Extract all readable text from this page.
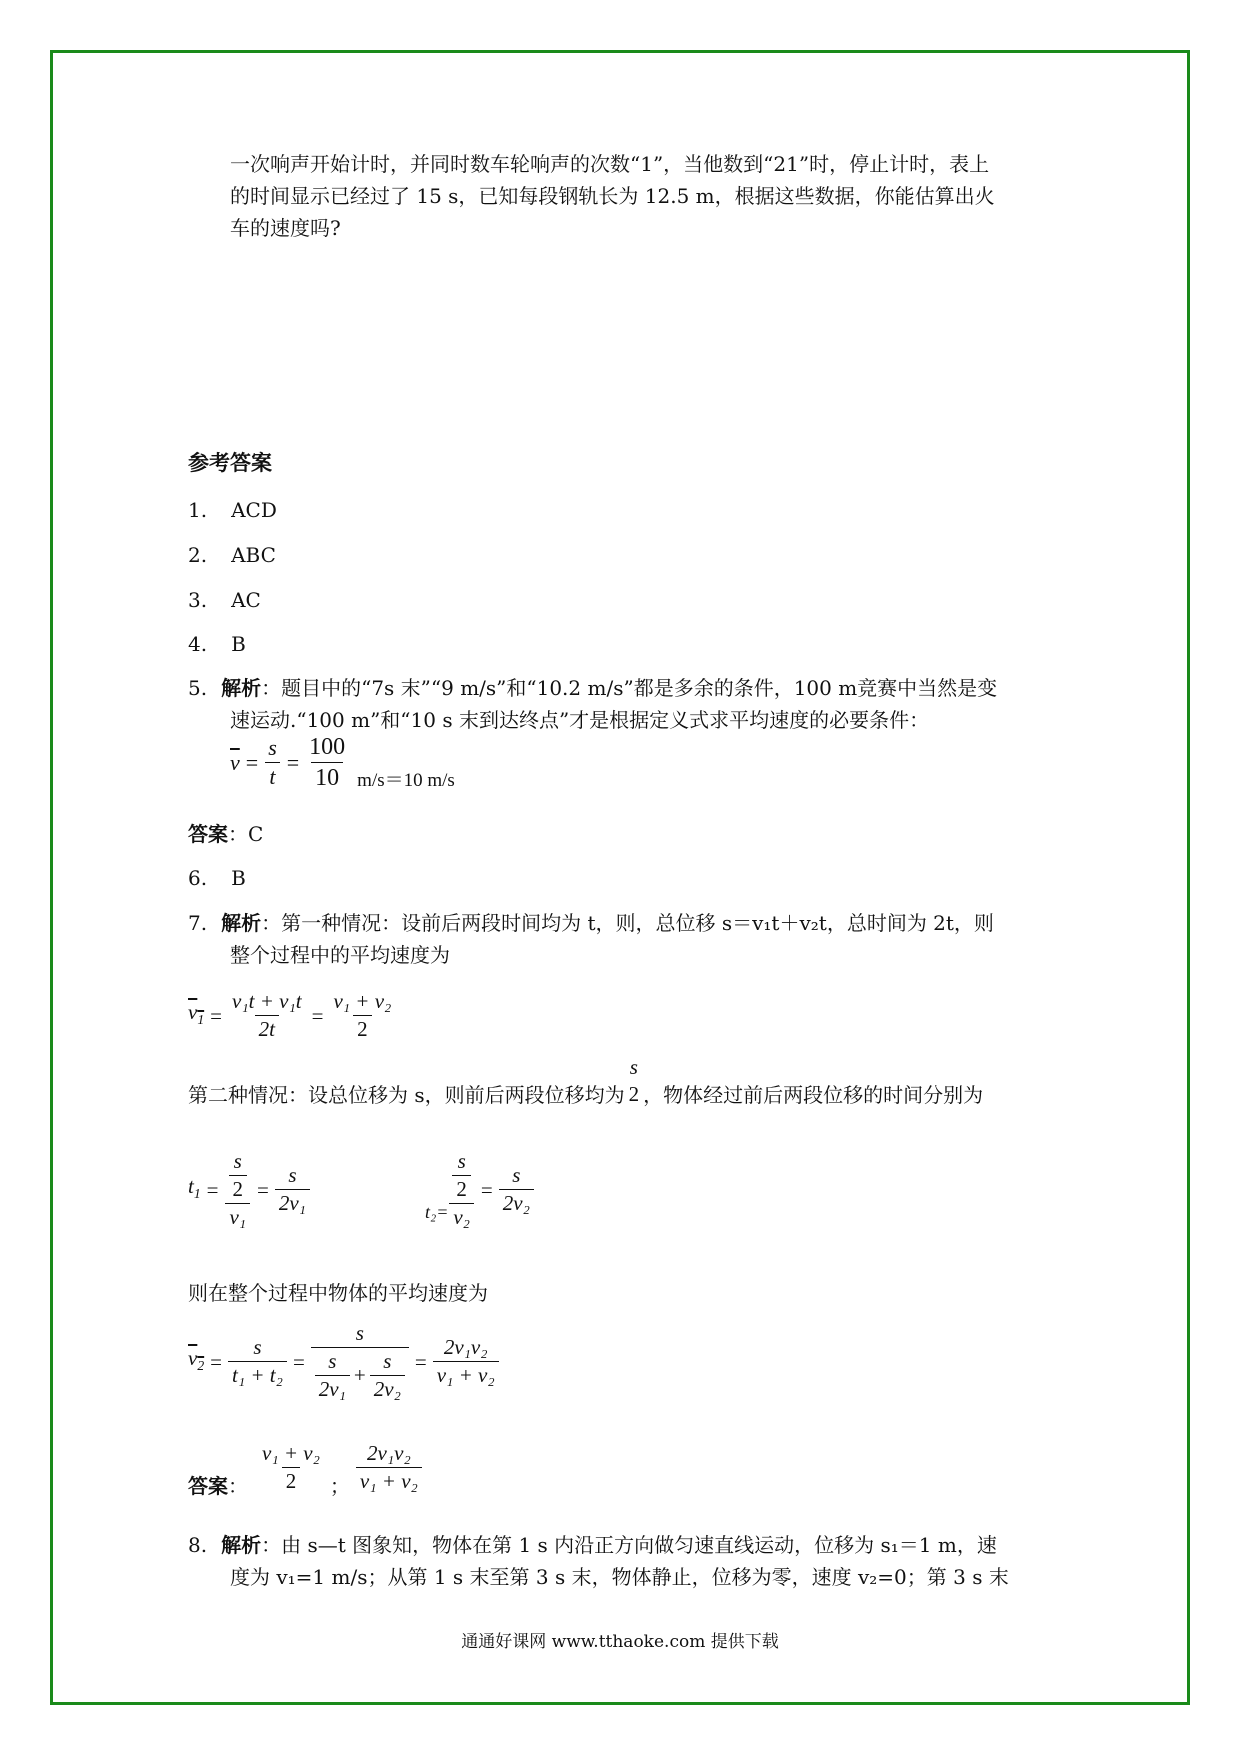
一次响声开始计时，并同时数车轮响声的次数“1”，当他数到“21”时，停止计时，表上
的时间显示已经过了 15 s，已知每段钢轨长为 12.5 m，根据这些数据，你能估算出火
车的速度吗?
参考答案
1. ACD
2. ABC
3. AC
4. B
5. 解析：题目中的“7s 末”“9 m/s”和“10.2 m/s”都是多余的条件，100 m竞赛中当然是变
速运动.“100 m”和“10 s 末到达终点”才是根据定义式求平均速度的必要条件：
$\overline{v} = \frac{s}{t} = \frac{100}{10} m/s=10$ m/s
答案：C
6. B
7. 解析：第一种情况：设前后两段时间均为 t，则，总位移 s＝v₁t＋v₂t，总时间为 2t，则
整个过程中的平均速度为
$v_1 = \frac{\text{v₁t + v₁t}}{2t} = \frac{\text{v₁ + v₂}}{2}$
第二种情况：设总位移为 s，则前后两段位移均为
s
2 ，物体经过前后两段位移的时间分别为
$t_1 = \frac{\frac{s}{2}}{\text{v₁}} = \frac{s}{\text{2v₁}}$	$t_2= \frac{\frac{s}{2}}{\text{v₂}} = \frac{s}{\text{2v₂}}$
则在整个过程中物体的平均速度为
$v_2 = \frac{s}{\text{t₁ + t₂}} = \frac{s}{\frac{s}{\text{2v₁}} + \frac{s}{\text{2v₂}}} = \frac{\text{2v₁v₂}}{\text{v₁ + v₂}}$
答案 ： $\frac{\text{v₁ + v₂}}{2}$ ； $\frac{\text{2v₁v₂}}{\text{v₁ + v₂}}$
8. 解析：由 s—t 图象知，物体在第 1 s 内沿正方向做匀速直线运动，位移为 s₁＝1 m，速
度为 v₁=1 m/s；从第 1 s 末至第 3 s 末，物体静止，位移为零，速度 v₂=0；第 3 s 末
通通好课网 www.tthaoke.com 提供下载
